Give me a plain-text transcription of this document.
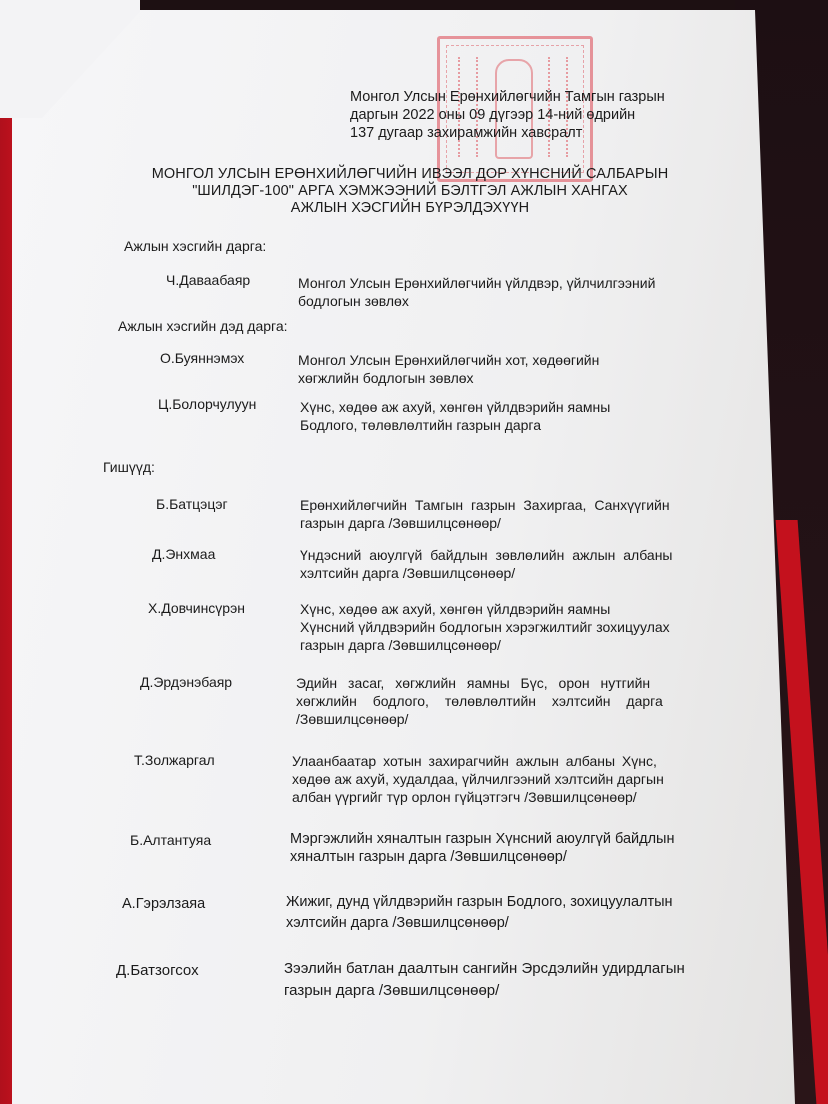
Монгол Улсын Ерөнхийлөгчийн Тамгын газрын
даргын 2022 оны 09 дүгээр 14-ний өдрийн
137 дугаар захирамжийн хавсралт
МОНГОЛ УЛСЫН ЕРӨНХИЙЛӨГЧИЙН ИВЭЭЛ ДОР ХҮНСНИЙ САЛБАРЫН
"ШИЛДЭГ-100" АРГА ХЭМЖЭЭНИЙ БЭЛТГЭЛ АЖЛЫН ХАНГАХ
АЖЛЫН ХЭСГИЙН БҮРЭЛДЭХҮҮН
Ажлын хэсгийн дарга:
Ч.Даваабаяр	Монгол Улсын Ерөнхийлөгчийн үйлдвэр, үйлчилгээний
бодлогын зөвлөх
Ажлын хэсгийн дэд дарга:
О.Буяннэмэх	Монгол Улсын Ерөнхийлөгчийн хот, хөдөөгийн
хөгжлийн бодлогын зөвлөх
Ц.Болорчулуун	Хүнс, хөдөө аж ахуй, хөнгөн үйлдвэрийн яамны
Бодлого, төлөвлөлтийн газрын дарга
Гишүүд:
Б.Батцэцэг	Ерөнхийлөгчийн Тамгын газрын Захиргаа, Санхүүгийн
газрын дарга /Зөвшилцсөнөөр/
Д.Энхмаа	Үндэсний аюулгүй байдлын зөвлөлийн ажлын албаны
хэлтсийн дарга /Зөвшилцсөнөөр/
Х.Довчинсүрэн	Хүнс, хөдөө аж ахуй, хөнгөн үйлдвэрийн яамны
Хүнсний үйлдвэрийн бодлогын хэрэгжилтийг зохицуулах
газрын дарга /Зөвшилцсөнөөр/
Д.Эрдэнэбаяр	Эдийн засаг, хөгжлийн яамны Бүс, орон нутгийн
хөгжлийн бодлого, төлөвлөлтийн хэлтсийн дарга
/Зөвшилцсөнөөр/
Т.Золжаргал	Улаанбаатар хотын захирагчийн ажлын албаны Хүнс,
хөдөө аж ахуй, худалдаа, үйлчилгээний хэлтсийн даргын
албан үүргийг түр орлон гүйцэтгэгч /Зөвшилцсөнөөр/
Б.Алтантуяа	Мэргэжлийн хяналтын газрын Хүнсний аюулгүй байдлын
хяналтын газрын дарга /Зөвшилцсөнөөр/
А.Гэрэлзаяа	Жижиг, дунд үйлдвэрийн газрын Бодлого, зохицуулалтын
хэлтсийн дарга /Зөвшилцсөнөөр/
Д.Батзогсох	Зээлийн батлан даалтын сангийн Эрсдэлийн удирдлагын
газрын дарга /Зөвшилцсөнөөр/
